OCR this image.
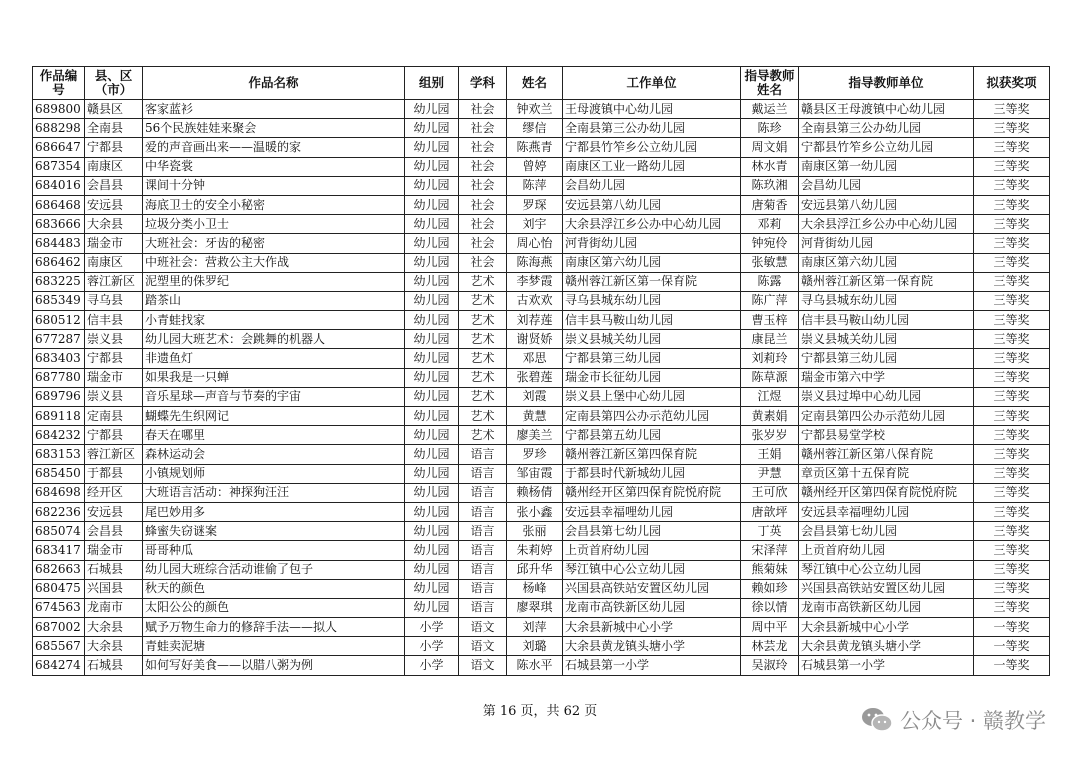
作品编号	县、区（市）	作品名称	组别	学科	姓名	工作单位	指导教师姓名	指导教师单位	拟获奖项
689800	赣县区	客家蓝衫	幼儿园	社会	钟欢兰	王母渡镇中心幼儿园	戴运兰	赣县区王母渡镇中心幼儿园	三等奖
688298	全南县	56个民族娃娃来聚会	幼儿园	社会	缪信	全南县第三公办幼儿园	陈珍	全南县第三公办幼儿园	三等奖
686647	宁都县	爱的声音画出来——温暖的家	幼儿园	社会	陈燕青	宁都县竹笮乡公立幼儿园	周文娟	宁都县竹笮乡公立幼儿园	三等奖
687354	南康区	中华瓷裳	幼儿园	社会	曾婷	南康区工业一路幼儿园	林水青	南康区第一幼儿园	三等奖
684016	会昌县	课间十分钟	幼儿园	社会	陈萍	会昌幼儿园	陈玖湘	会昌幼儿园	三等奖
686468	安远县	海底卫士的安全小秘密	幼儿园	社会	罗琛	安远县第八幼儿园	唐菊香	安远县第八幼儿园	三等奖
683666	大余县	垃圾分类小卫士	幼儿园	社会	刘宇	大余县浮江乡公办中心幼儿园	邓莉	大余县浮江乡公办中心幼儿园	三等奖
684483	瑞金市	大班社会：牙齿的秘密	幼儿园	社会	周心怡	河背街幼儿园	钟宛伶	河背街幼儿园	三等奖
686462	南康区	中班社会：营救公主大作战	幼儿园	社会	陈海燕	南康区第六幼儿园	张敏慧	南康区第六幼儿园	三等奖
683225	蓉江新区	泥塑里的侏罗纪	幼儿园	艺术	李梦霞	赣州蓉江新区第一保育院	陈露	赣州蓉江新区第一保育院	三等奖
685349	寻乌县	踏茶山	幼儿园	艺术	古欢欢	寻乌县城东幼儿园	陈广萍	寻乌县城东幼儿园	三等奖
680512	信丰县	小青蛙找家	幼儿园	艺术	刘荐莲	信丰县马鞍山幼儿园	曹玉梓	信丰县马鞍山幼儿园	三等奖
677287	崇义县	幼儿园大班艺术：会跳舞的机器人	幼儿园	艺术	谢贤娇	崇义县城关幼儿园	康昆兰	崇义县城关幼儿园	三等奖
683403	宁都县	非遗鱼灯	幼儿园	艺术	邓思	宁都县第三幼儿园	刘莉玲	宁都县第三幼儿园	三等奖
687780	瑞金市	如果我是一只蝉	幼儿园	艺术	张碧莲	瑞金市长征幼儿园	陈草源	瑞金市第六中学	三等奖
689796	崇义县	音乐星球—声音与节奏的宇宙	幼儿园	艺术	刘霞	崇义县上堡中心幼儿园	江煜	崇义县过埠中心幼儿园	三等奖
689118	定南县	蝴蝶先生织网记	幼儿园	艺术	黄慧	定南县第四公办示范幼儿园	黄素娟	定南县第四公办示范幼儿园	三等奖
684232	宁都县	春天在哪里	幼儿园	艺术	廖美兰	宁都县第五幼儿园	张岁岁	宁都县易堂学校	三等奖
683153	蓉江新区	森林运动会	幼儿园	语言	罗珍	赣州蓉江新区第四保育院	王娟	赣州蓉江新区第八保育院	三等奖
685450	于都县	小镇规划师	幼儿园	语言	邹宙霞	于都县时代新城幼儿园	尹慧	章贡区第十五保育院	三等奖
684698	经开区	大班语言活动：神探狗汪汪	幼儿园	语言	赖杨倩	赣州经开区第四保育院悦府院	王可欣	赣州经开区第四保育院悦府院	三等奖
682236	安远县	尾巴妙用多	幼儿园	语言	张小鑫	安远县幸福哩幼儿园	唐歆坪	安远县幸福哩幼儿园	三等奖
685074	会昌县	蜂蜜失窃谜案	幼儿园	语言	张丽	会昌县第七幼儿园	丁英	会昌县第七幼儿园	三等奖
683417	瑞金市	哥哥种瓜	幼儿园	语言	朱莉婷	上贡首府幼儿园	宋泽萍	上贡首府幼儿园	三等奖
682663	石城县	幼儿园大班综合活动谁偷了包子	幼儿园	语言	邱升华	琴江镇中心公立幼儿园	熊菊妹	琴江镇中心公立幼儿园	三等奖
680475	兴国县	秋天的颜色	幼儿园	语言	杨峰	兴国县高铁站安置区幼儿园	赖如珍	兴国县高铁站安置区幼儿园	三等奖
674563	龙南市	太阳公公的颜色	幼儿园	语言	廖翠琪	龙南市高铁新区幼儿园	徐以情	龙南市高铁新区幼儿园	三等奖
687002	大余县	赋予万物生命力的修辞手法——拟人	小学	语文	刘萍	大余县新城中心小学	周中平	大余县新城中心小学	一等奖
685567	大余县	青蛙卖泥塘	小学	语文	刘璐	大余县黄龙镇头塘小学	林芸龙	大余县黄龙镇头塘小学	一等奖
684274	石城县	如何写好美食——以腊八粥为例	小学	语文	陈水平	石城县第一小学	吴淑玲	石城县第一小学	一等奖
第 16 页，共 62 页	公众号 · 赣教学
